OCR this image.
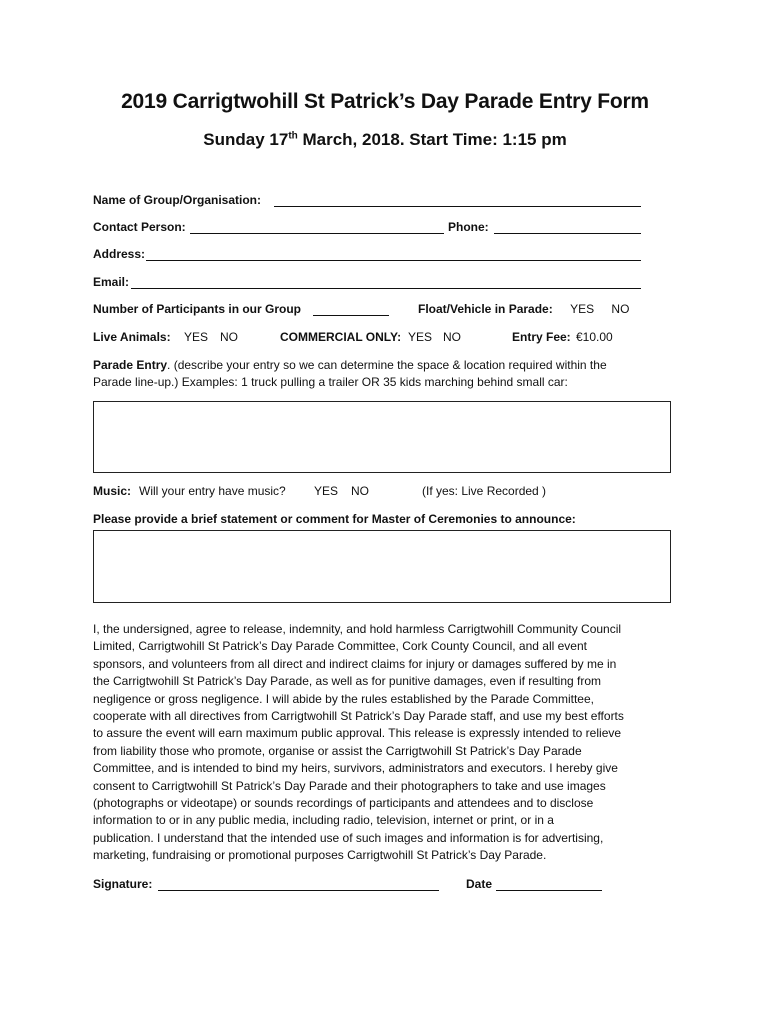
2019 Carrigtwohill St Patrick’s Day Parade Entry Form
Sunday 17th March, 2018. Start Time: 1:15 pm
Name of Group/Organisation:
Contact Person:	Phone:
Address:
Email:
Number of Participants in our Group	Float/Vehicle in Parade: YES NO
Live Animals: YES NO	COMMERCIAL ONLY: YES NO	Entry Fee: €10.00
Parade Entry. (describe your entry so we can determine the space & location required within the
Parade line-up.) Examples: 1 truck pulling a trailer OR 35 kids marching behind small car:
Music: Will your entry have music? YES NO	(If yes: Live Recorded )
Please provide a brief statement or comment for Master of Ceremonies to announce:
I, the undersigned, agree to release, indemnity, and hold harmless Carrigtwohill Community Council
Limited, Carrigtwohill St Patrick’s Day Parade Committee, Cork County Council, and all event
sponsors, and volunteers from all direct and indirect claims for injury or damages suffered by me in
the Carrigtwohill St Patrick’s Day Parade, as well as for punitive damages, even if resulting from
negligence or gross negligence. I will abide by the rules established by the Parade Committee,
cooperate with all directives from Carrigtwohill St Patrick’s Day Parade staff, and use my best efforts
to assure the event will earn maximum public approval. This release is expressly intended to relieve
from liability those who promote, organise or assist the Carrigtwohill St Patrick’s Day Parade
Committee, and is intended to bind my heirs, survivors, administrators and executors. I hereby give
consent to Carrigtwohill St Patrick’s Day Parade and their photographers to take and use images
(photographs or videotape) or sounds recordings of participants and attendees and to disclose
information to or in any public media, including radio, television, internet or print, or in a
publication. I understand that the intended use of such images and information is for advertising,
marketing, fundraising or promotional purposes Carrigtwohill St Patrick’s Day Parade.
Signature:	Date
